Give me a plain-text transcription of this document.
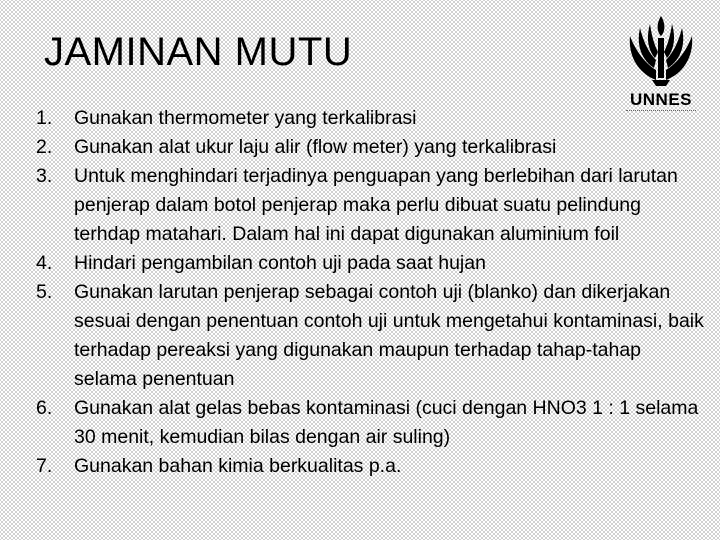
JAMINAN MUTU
UNNES
1. Gunakan thermometer yang terkalibrasi
2. Gunakan alat ukur laju alir (flow meter) yang terkalibrasi
3. Untuk menghindari terjadinya penguapan yang berlebihan dari larutan penjerap dalam botol penjerap maka perlu dibuat suatu pelindung terhdap matahari. Dalam hal ini dapat digunakan aluminium foil
4. Hindari pengambilan contoh uji pada saat hujan
5. Gunakan larutan penjerap sebagai contoh uji (blanko) dan dikerjakan sesuai dengan penentuan contoh uji untuk mengetahui kontaminasi, baik terhadap pereaksi yang digunakan maupun terhadap tahap-tahap selama penentuan
6. Gunakan alat gelas bebas kontaminasi (cuci dengan HNO3 1 : 1 selama 30 menit, kemudian bilas dengan air suling)
7. Gunakan bahan kimia berkualitas p.a.
